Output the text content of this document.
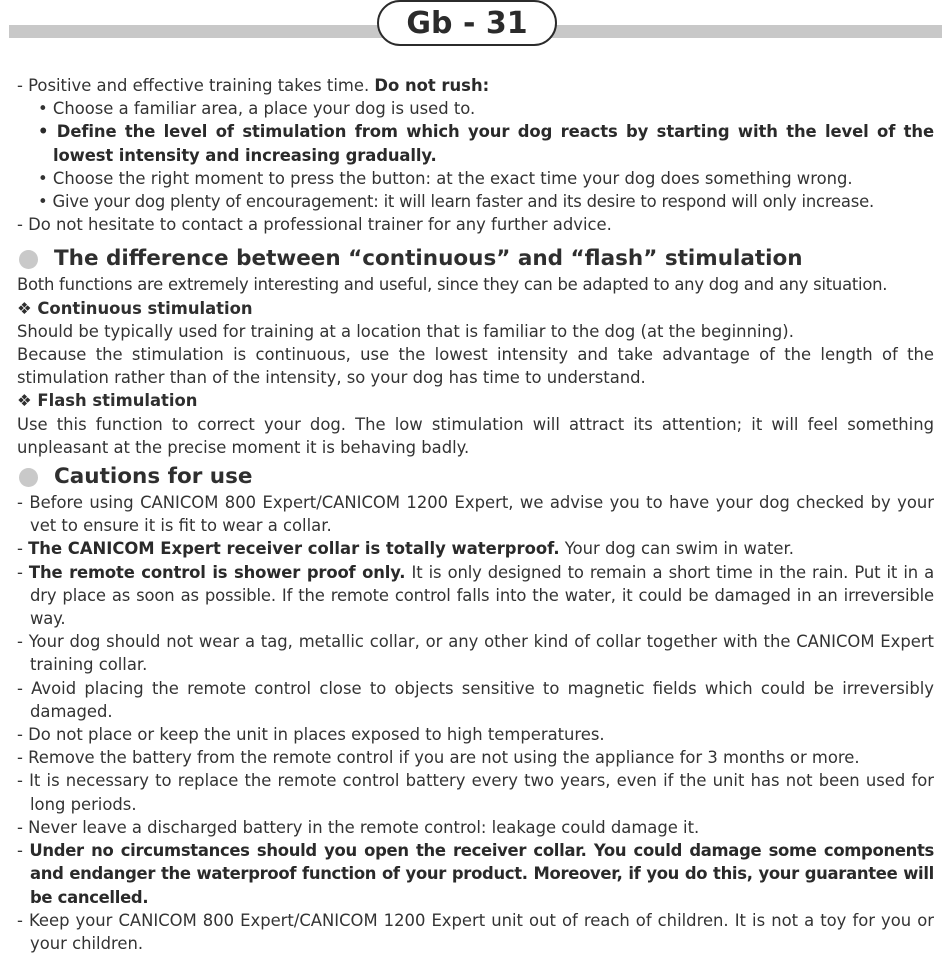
Gb - 31

- Positive and effective training takes time. Do not rush:

• Choose a familiar area, a place your dog is used to.

• Define the level of stimulation from which your dog reacts by starting with the level of the lowest intensity and increasing gradually.

• Choose the right moment to press the button: at the exact time your dog does something wrong.

• Give your dog plenty of encouragement: it will learn faster and its desire to respond will only increase.

- Do not hesitate to contact a professional trainer for any further advice.

The difference between “continuous” and “flash” stimulation

Both functions are extremely interesting and useful, since they can be adapted to any dog and any situation.

❖ Continuous stimulation

Should be typically used for training at a location that is familiar to the dog (at the beginning).

Because the stimulation is continuous, use the lowest intensity and take advantage of the length of the stimulation rather than of the intensity, so your dog has time to understand.

❖ Flash stimulation

Use this function to correct your dog. The low stimulation will attract its attention; it will feel something unpleasant at the precise moment it is behaving badly.

Cautions for use

- Before using CANICOM 800 Expert/CANICOM 1200 Expert, we advise you to have your dog checked by your vet to ensure it is fit to wear a collar.

- The CANICOM Expert receiver collar is totally waterproof. Your dog can swim in water.

- The remote control is shower proof only. It is only designed to remain a short time in the rain. Put it in a dry place as soon as possible. If the remote control falls into the water, it could be damaged in an irreversible way.

- Your dog should not wear a tag, metallic collar, or any other kind of collar together with the CANICOM Expert training collar.

- Avoid placing the remote control close to objects sensitive to magnetic fields which could be irreversibly damaged.

- Do not place or keep the unit in places exposed to high temperatures.

- Remove the battery from the remote control if you are not using the appliance for 3 months or more.

- It is necessary to replace the remote control battery every two years, even if the unit has not been used for long periods.

- Never leave a discharged battery in the remote control: leakage could damage it.

- Under no circumstances should you open the receiver collar. You could damage some components and endanger the waterproof function of your product. Moreover, if you do this, your guarantee will be cancelled.

- Keep your CANICOM 800 Expert/CANICOM 1200 Expert unit out of reach of children. It is not a toy for you or your children.
